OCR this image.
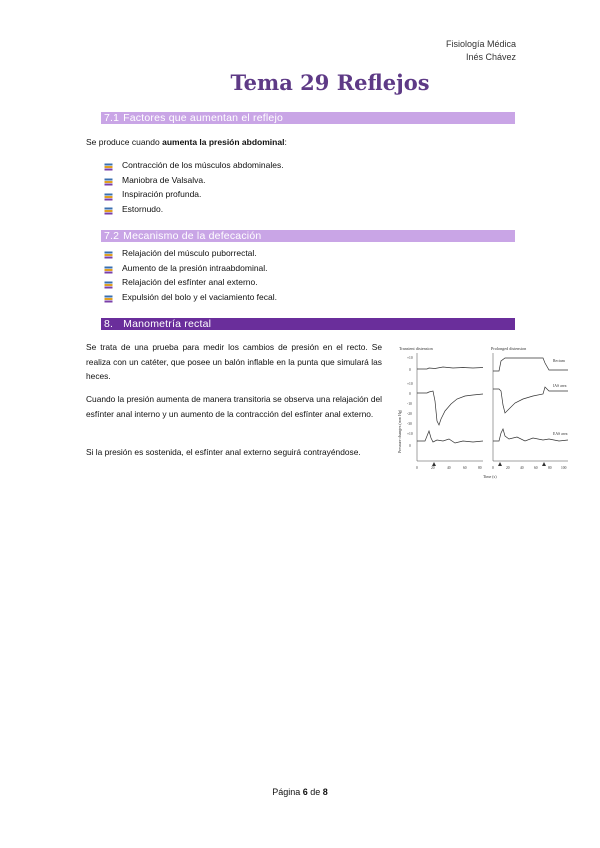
Fisiología Médica
Inés Chávez
Tema 29 Reflejos
7.1 Factores que aumentan el reflejo
Se produce cuando aumenta la presión abdominal:
Contracción de los músculos abdominales.
Maniobra de Valsalva.
Inspiración profunda.
Estornudo.
7.2 Mecanismo de la defecación
Relajación del músculo puborrectal.
Aumento de la presión intraabdominal.
Relajación del esfínter anal externo.
Expulsión del bolo y el vaciamiento fecal.
8. Manometría rectal
Se trata de una prueba para medir los cambios de presión en el recto. Se realiza con un catéter, que posee un balón inflable en la punta que simulará las heces.
Cuando la presión aumenta de manera transitoria se observa una relajación del esfínter anal interno y un aumento de la contracción del esfínter anal externo.
Si la presión es sostenida, el esfínter anal externo seguirá contrayéndose.
Transient distension	Prolonged distension
Pressure changes (mm Hg)
+10
0
+10
0
-10
-20
-30
+10
0
Rectum
IAS area
EAS area
0	20	40	60	80	0	20	40	60	80	100
Time (s)
Página 6 de 8
